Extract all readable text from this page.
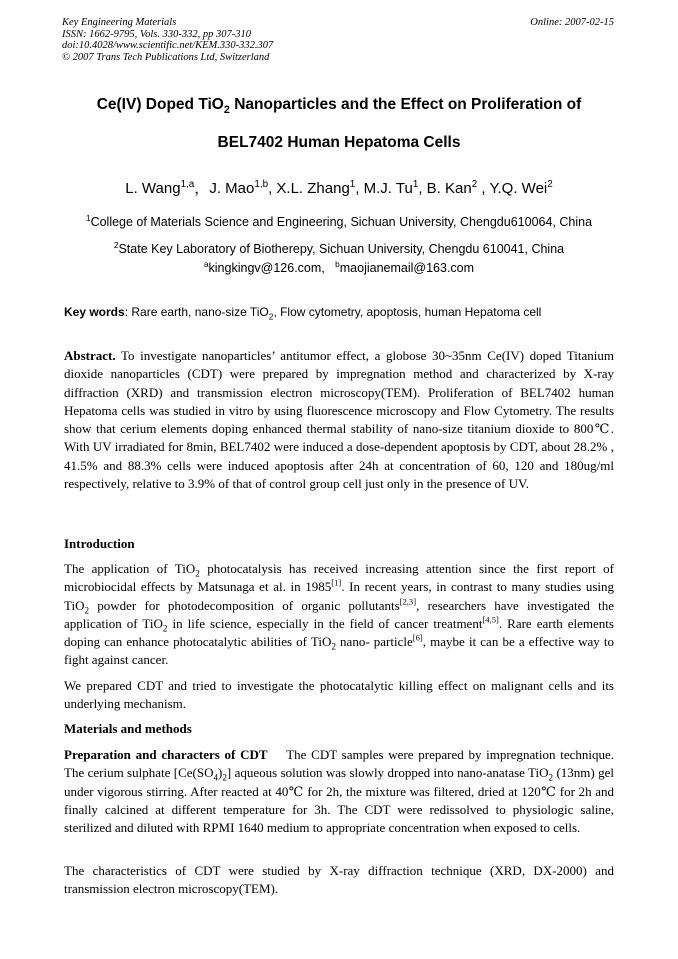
Key Engineering Materials
ISSN: 1662-9795, Vols. 330-332, pp 307-310
doi:10.4028/www.scientific.net/KEM.330-332.307
© 2007 Trans Tech Publications Ltd, Switzerland
Online: 2007-02-15
Ce(IV) Doped TiO$_2$ Nanoparticles and the Effect on Proliferation of
BEL7402 Human Hepatoma Cells
L. Wang$^{1,a}$，J. Mao$^{1,b}$, X.L. Zhang$^1$, M.J. Tu$^1$, B. Kan$^2$ , Y.Q. Wei$^2$
$^1$College of Materials Science and Engineering, Sichuan University, Chengdu610064, China
$^2$State Key Laboratory of Biotherepy, Sichuan University, Chengdu 610041, China
$^a$kingkingv@126.com, $^b$maojianemail@163.com
Key words: Rare earth, nano-size TiO$_2$, Flow cytometry, apoptosis, human Hepatoma cell
Abstract. To investigate nanoparticles’ antitumor effect, a globose 30~35nm Ce(IV) doped Titanium dioxide nanoparticles (CDT) were prepared by impregnation method and characterized by X-ray diffraction (XRD) and transmission electron microscopy(TEM). Proliferation of BEL7402 human Hepatoma cells was studied in vitro by using fluorescence microscopy and Flow Cytometry. The results show that cerium elements doping enhanced thermal stability of nano-size titanium dioxide to 800℃. With UV irradiated for 8min, BEL7402 were induced a dose-dependent apoptosis by CDT, about 28.2% , 41.5% and 88.3% cells were induced apoptosis after 24h at concentration of 60, 120 and 180ug/ml respectively, relative to 3.9% of that of control group cell just only in the presence of UV.
Introduction
The application of TiO$_2$ photocatalysis has received increasing attention since the first report of microbiocidal effects by Matsunaga et al. in 1985[1]. In recent years, in contrast to many studies using TiO$_2$ powder for photodecomposition of organic pollutants[2,3], researchers have investigated the application of TiO$_2$ in life science, especially in the field of cancer treatment[4,5]. Rare earth elements doping can enhance photocatalytic abilities of TiO$_2$ nano- particle[6], maybe it can be a effective way to fight against cancer.
We prepared CDT and tried to investigate the photocatalytic killing effect on malignant cells and its underlying mechanism.
Materials and methods
Preparation and characters of CDT    The CDT samples were prepared by impregnation technique. The cerium sulphate $[Ce(SO_4)_2]$ aqueous solution was slowly dropped into nano-anatase TiO$_2$ (13nm) gel under vigorous stirring. After reacted at 40℃ for 2h, the mixture was filtered, dried at 120℃ for 2h and finally calcined at different temperature for 3h. The CDT were redissolved to physiologic saline, sterilized and diluted with RPMI 1640 medium to appropriate concentration when exposed to cells.
The characteristics of CDT were studied by X-ray diffraction technique (XRD, DX-2000) and transmission electron microscopy(TEM).
